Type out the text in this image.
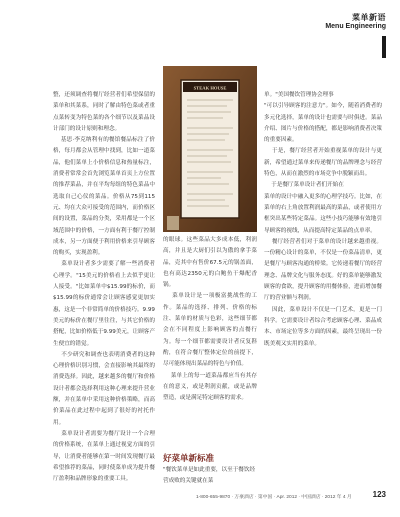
菜单新语
Menu Engineering
整，还须调查将餐厅经营者们希望保留的菜单和其菜系，同时了解由特色菜或者重点菜转变为特色菜的各个细节以及菜品设计部门的设计原则和理念。
基思·李克纳利有的餐馆餐品标注了价格，每月都会从管理中找到，比如一道菜品，他们菜单上小价格信息和热量标注，消费者常常会首先浏览菜单首页上方位置的推荐菜品，并在平均每组的特色菜品中选取自己心仪的菜品。价格从75到115元、均在大众可接受的范围内，而价格区间的设置，菜品的分类，采用都是一个区域范围中的价格，一方面有利于餐厅控制成本，另一方面便于利用价格来引导顾客的购买，实现盈利。
菜单设计者多少需要了解一些消费者心理学。"15美元的价格看上去似乎更让人接受。"比如菜单中$15.99的标价，而$15.99的标价通常会让顾客感觉更加实惠，这是一个非常简单的价格技巧。9.99美元的标价在餐厅里往往，与其它价格的搭配，比如价格低于9.99美元，让顾客产生便宜的错觉。
不少研究和调查也表明消费者的这种心理价格识别习惯，会直接影响其最终的消费选择。因此，越来越多的餐厅和价格设计者都会选择利用这种心理来提升营业额，并在菜单中采用这种价格策略，而高价菜品在此过程中起到了很好的衬托作用。
菜单设计者需要为餐厅设计一个合理的价格系统，在菜单上通过视觉方面的引导，让消费者能够在第一时间发现餐厅最希望推荐的菜品，同时使菜单成为提升餐厅盈利和品牌形象的重要工具。
STEAK HOUSE
的眼球。这些菜品大多成本低，利润高，并且是大厨们引以为傲的拿手菜品，売其中有售价67.5元的锅盖面，也有高达2350元的白鲍鱼干爆配香锅。
菜单设计是一项极富挑战性的工作。菜品的选择、排列、价格的标注、菜单的材质与色彩，这些细节都会在不同程度上影响顾客的点餐行为。每一个细节都需要设计者反复斟酌，在符合餐厅整体定位的前提下，尽可能体现出菜品的特色与价值。
菜单上的每一道菜品都应当有其存在的意义，或是利润贡献，或是品牌塑造，或是满足特定顾客的需求。
好菜单新标准
"餐饮菜单是如此重要，以至于餐饮经营成败的关键就在菜
单。"美国餐饮管理协会理事
"可以引导顾客的注意力"。如今，随着消费者的多元化选择，菜单的设计也需要与时俱进。菜品介绍、图片与价格的搭配，都是影响消费者决策的重要因素。
于是，餐厅经营者开始重视菜单的设计与更新，希望通过菜单来传递餐厅的品牌理念与经营特色，从而在激烈的市场竞争中脱颖而出。
于是餐厅菜单设计者们开始在
菜单的设计中融入更多的心理学技巧。比如，在菜单的右上角放置利润最高的菜品，或者使用方框突出某些特定菜品。这些小技巧能够有效地引导顾客的视线，从而提高特定菜品的点单率。
餐厅经营者们对于菜单的设计越来越重视。一份精心设计的菜单，不仅是一份菜品清单，更是餐厅与顾客沟通的桥梁。它传递着餐厅的经营理念、品牌文化与服务态度。好的菜单能够激发顾客的食欲，提升顾客的用餐体验，进而增加餐厅的营业额与利润。
因此，菜单设计不仅是一门艺术，更是一门科学。它需要设计者综合考虑顾客心理、菜品成本、市场定位等多方面的因素，最终呈现出一份既美观又实用的菜单。
1-800-655-9870 · 万豪酒店 · 第中国 · Apr. 2012 · 中国酒店 · 2012 年 4 月	123
